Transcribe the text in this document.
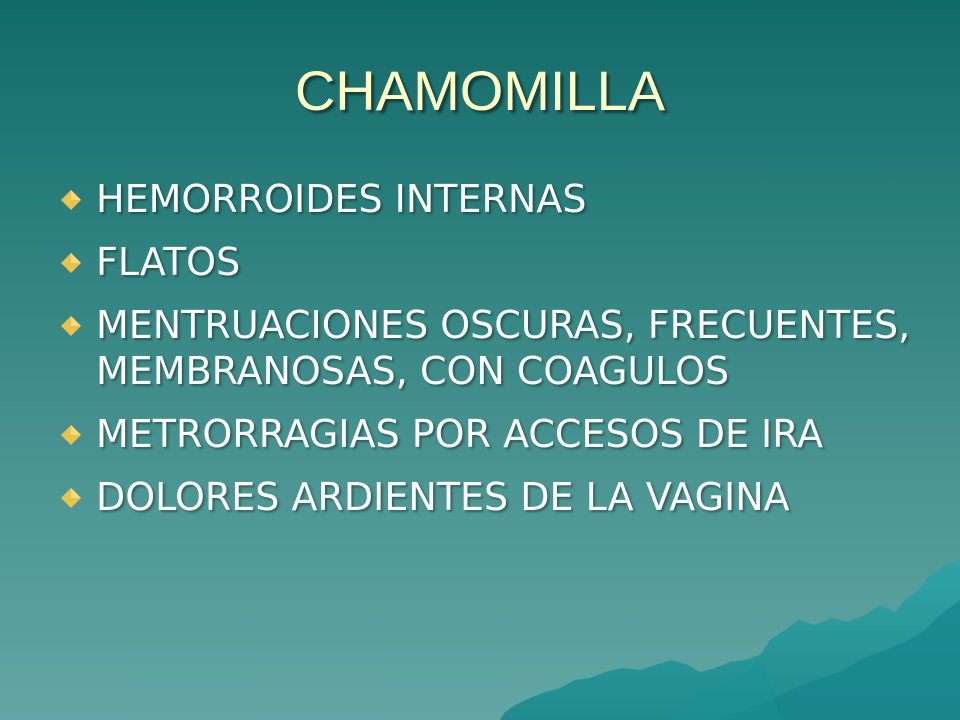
CHAMOMILLA
HEMORROIDES INTERNAS
FLATOS
MENTRUACIONES OSCURAS, FRECUENTES, MEMBRANOSAS, CON COAGULOS
METRORRAGIAS POR ACCESOS DE IRA
DOLORES ARDIENTES DE LA VAGINA
